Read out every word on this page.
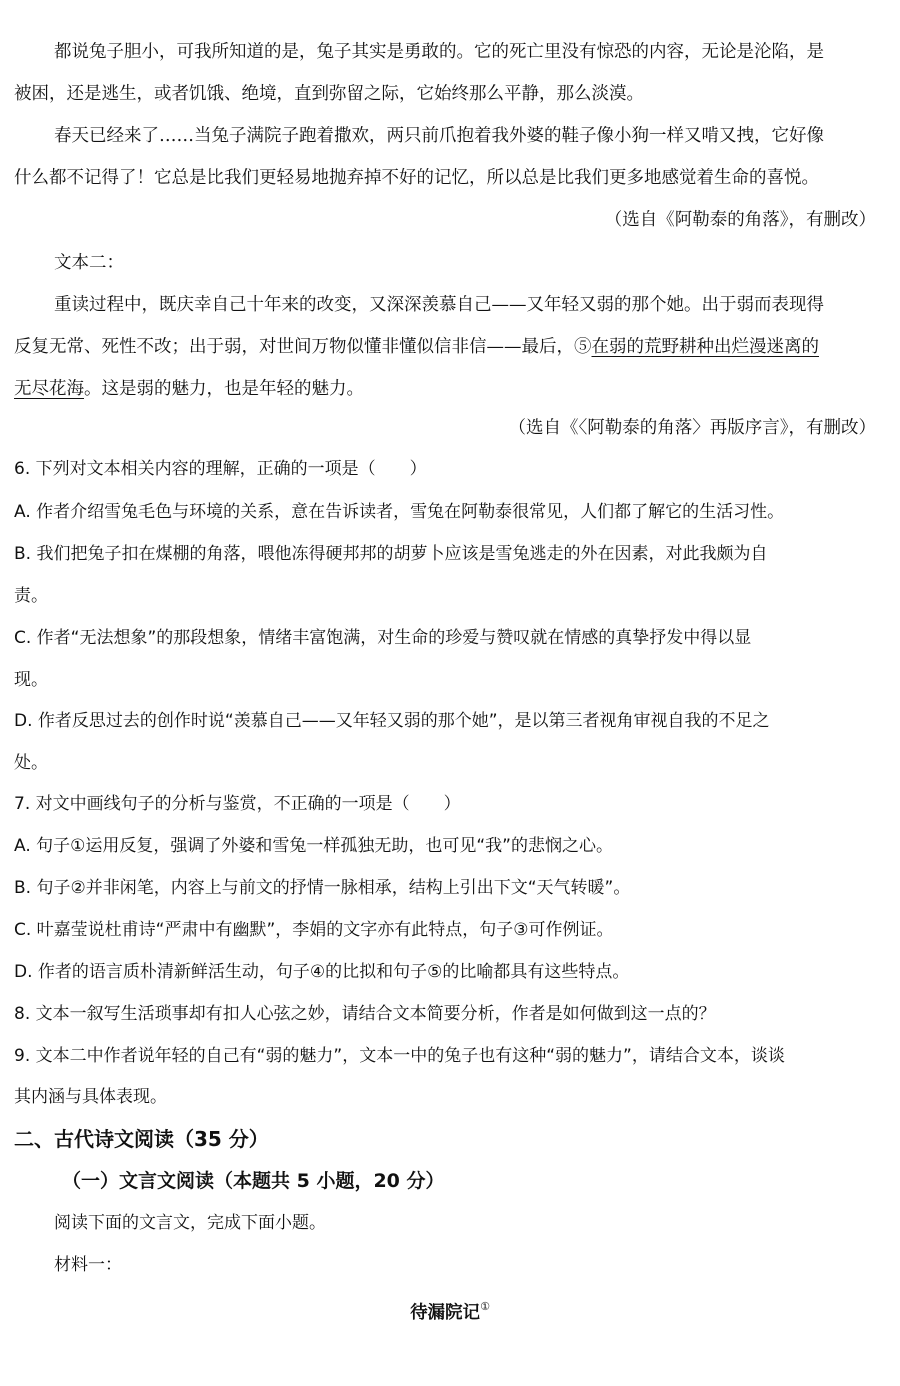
都说兔子胆小，可我所知道的是，兔子其实是勇敢的。它的死亡里没有惊恐的内容，无论是沦陷，是
被困，还是逃生，或者饥饿、绝境，直到弥留之际，它始终那么平静，那么淡漠。
春天已经来了……当兔子满院子跑着撒欢，两只前爪抱着我外婆的鞋子像小狗一样又啃又拽，它好像
什么都不记得了！它总是比我们更轻易地抛弃掉不好的记忆，所以总是比我们更多地感觉着生命的喜悦。
（选自《阿勒泰的角落》，有删改）
文本二：
重读过程中，既庆幸自己十年来的改变，又深深羡慕自己——又年轻又弱的那个她。出于弱而表现得
反复无常、死性不改；出于弱，对世间万物似懂非懂似信非信——最后，⑤在弱的荒野耕种出烂漫迷离的
无尽花海。这是弱的魅力，也是年轻的魅力。
（选自《〈阿勒泰的角落〉再版序言》，有删改）
6. 下列对文本相关内容的理解，正确的一项是（　　）
A. 作者介绍雪兔毛色与环境的关系，意在告诉读者，雪兔在阿勒泰很常见，人们都了解它的生活习性。
B. 我们把兔子扣在煤棚的角落，喂他冻得硬邦邦的胡萝卜应该是雪兔逃走的外在因素，对此我颇为自
责。
C. 作者“无法想象”的那段想象，情绪丰富饱满，对生命的珍爱与赞叹就在情感的真挚抒发中得以显
现。
D. 作者反思过去的创作时说“羡慕自己——又年轻又弱的那个她”，是以第三者视角审视自我的不足之
处。
7. 对文中画线句子的分析与鉴赏，不正确的一项是（　　）
A. 句子①运用反复，强调了外婆和雪兔一样孤独无助，也可见“我”的悲悯之心。
B. 句子②并非闲笔，内容上与前文的抒情一脉相承，结构上引出下文“天气转暖”。
C. 叶嘉莹说杜甫诗“严肃中有幽默”，李娟的文字亦有此特点，句子③可作例证。
D. 作者的语言质朴清新鲜活生动，句子④的比拟和句子⑤的比喻都具有这些特点。
8. 文本一叙写生活琐事却有扣人心弦之妙，请结合文本简要分析，作者是如何做到这一点的？
9. 文本二中作者说年轻的自己有“弱的魅力”，文本一中的兔子也有这种“弱的魅力”，请结合文本，谈谈
其内涵与具体表现。
二、古代诗文阅读（35 分）
（一）文言文阅读（本题共 5 小题，20 分）
阅读下面的文言文，完成下面小题。
材料一：
待漏院记①
